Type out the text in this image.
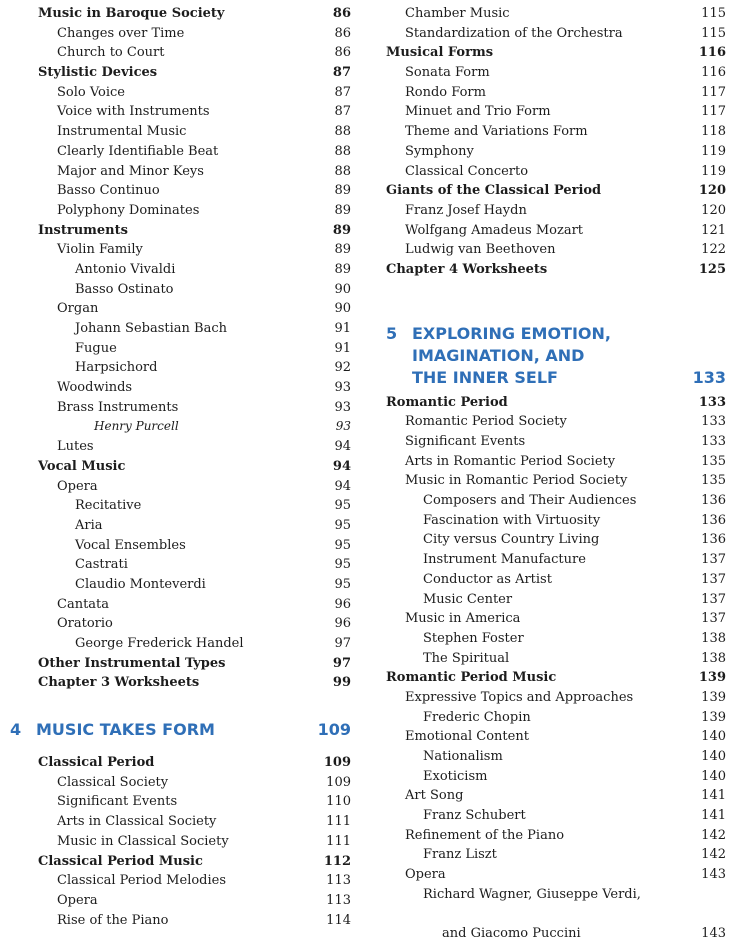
Music in Baroque Society	86
Changes over Time	86
Church to Court	86
Stylistic Devices	87
Solo Voice	87
Voice with Instruments	87
Instrumental Music	88
Clearly Identifiable Beat	88
Major and Minor Keys	88
Basso Continuo	89
Polyphony Dominates	89
Instruments	89
Violin Family	89
Antonio Vivaldi	89
Basso Ostinato	90
Organ	90
Johann Sebastian Bach	91
Fugue	91
Harpsichord	92
Woodwinds	93
Brass Instruments	93
Henry Purcell	93
Lutes	94
Vocal Music	94
Opera	94
Recitative	95
Aria	95
Vocal Ensembles	95
Castrati	95
Claudio Monteverdi	95
Cantata	96
Oratorio	96
George Frederick Handel	97
Other Instrumental Types	97
Chapter 3 Worksheets	99
4 MUSIC TAKES FORM	109
Classical Period	109
Classical Society	109
Significant Events	110
Arts in Classical Society	111
Music in Classical Society	111
Classical Period Music	112
Classical Period Melodies	113
Opera	113
Rise of the Piano	114
Chamber Music	115
Standardization of the Orchestra	115
Musical Forms	116
Sonata Form	116
Rondo Form	117
Minuet and Trio Form	117
Theme and Variations Form	118
Symphony	119
Classical Concerto	119
Giants of the Classical Period	120
Franz Josef Haydn	120
Wolfgang Amadeus Mozart	121
Ludwig van Beethoven	122
Chapter 4 Worksheets	125
5 EXPLORING EMOTION,
IMAGINATION, AND
THE INNER SELF	133
Romantic Period	133
Romantic Period Society	133
Significant Events	133
Arts in Romantic Period Society	135
Music in Romantic Period Society	135
Composers and Their Audiences	136
Fascination with Virtuosity	136
City versus Country Living	136
Instrument Manufacture	137
Conductor as Artist	137
Music Center	137
Music in America	137
Stephen Foster	138
The Spiritual	138
Romantic Period Music	139
Expressive Topics and Approaches	139
Frederic Chopin	139
Emotional Content	140
Nationalism	140
Exoticism	140
Art Song	141
Franz Schubert	141
Refinement of the Piano	142
Franz Liszt	142
Opera	143
Richard Wagner, Giuseppe Verdi,
and Giacomo Puccini	143
